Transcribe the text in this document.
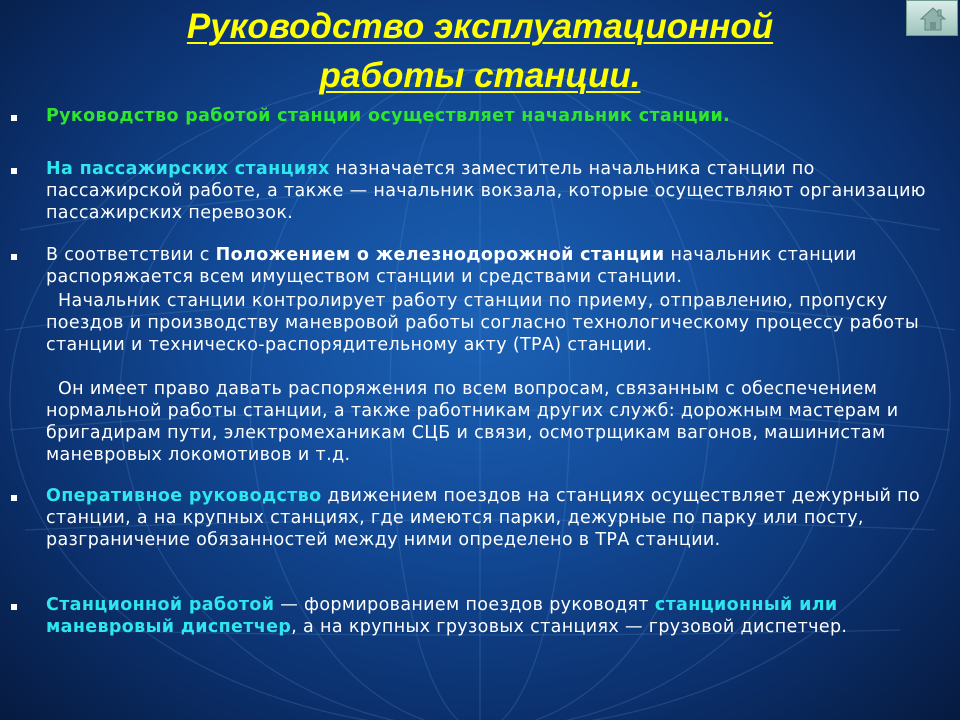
Руководство эксплуатационной
работы станции.

Руководство работой станции осуществляет начальник станции.

На пассажирских станциях назначается заместитель начальника станции по пассажирской работе, а также — начальник вокзала, которые осуществляют организацию пассажирских перевозок.

В соответствии с Положением о железнодорожной станции начальник станции распоряжается всем имуществом станции и средствами станции.

Начальник станции контролирует работу станции по приему, отправлению, пропуску поездов и производству маневровой работы согласно технологическому процессу работы станции и техническо-распорядительному акту (ТРА) станции.

Он имеет право давать распоряжения по всем вопросам, связанным с обеспечением нормальной работы станции, а также работникам других служб: дорожным мастерам и бригадирам пути, электромеханикам СЦБ и связи, осмотрщикам вагонов, машинистам маневровых локомотивов и т.д.

Оперативное руководство движением поездов на станциях осуществляет дежурный по станции, а на крупных станциях, где имеются парки, дежурные по парку или посту, разграничение обязанностей между ними определено в ТРА станции.

Станционной работой — формированием поездов руководят станционный или маневровый диспетчер, а на крупных грузовых станциях — грузовой диспетчер.
